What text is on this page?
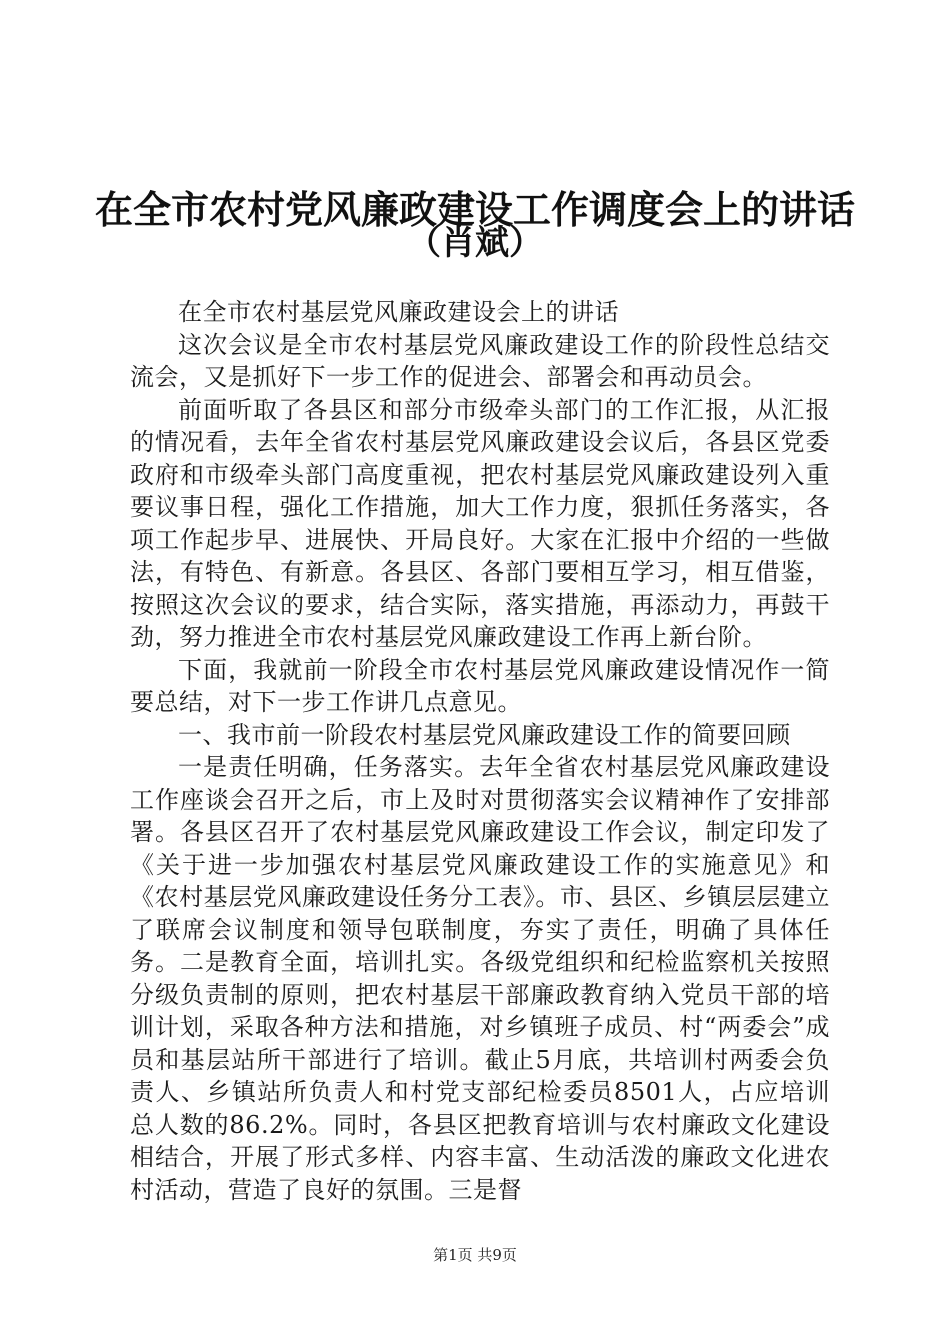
在全市农村党风廉政建设工作调度会上的讲话
（肖斌）

在全市农村基层党风廉政建设会上的讲话

这次会议是全市农村基层党风廉政建设工作的阶段性总结交流会，又是抓好下一步工作的促进会、部署会和再动员会。

前面听取了各县区和部分市级牵头部门的工作汇报，从汇报的情况看，去年全省农村基层党风廉政建设会议后，各县区党委政府和市级牵头部门高度重视，把农村基层党风廉政建设列入重要议事日程，强化工作措施，加大工作力度，狠抓任务落实，各项工作起步早、进展快、开局良好。大家在汇报中介绍的一些做法，有特色、有新意。各县区、各部门要相互学习，相互借鉴，按照这次会议的要求，结合实际，落实措施，再添动力，再鼓干劲，努力推进全市农村基层党风廉政建设工作再上新台阶。

下面，我就前一阶段全市农村基层党风廉政建设情况作一简要总结，对下一步工作讲几点意见。

一、我市前一阶段农村基层党风廉政建设工作的简要回顾

一是责任明确，任务落实。去年全省农村基层党风廉政建设工作座谈会召开之后，市上及时对贯彻落实会议精神作了安排部署。各县区召开了农村基层党风廉政建设工作会议，制定印发了《关于进一步加强农村基层党风廉政建设工作的实施意见》和《农村基层党风廉政建设任务分工表》。市、县区、乡镇层层建立了联席会议制度和领导包联制度，夯实了责任，明确了具体任务。二是教育全面，培训扎实。各级党组织和纪检监察机关按照分级负责制的原则，把农村基层干部廉政教育纳入党员干部的培训计划，采取各种方法和措施，对乡镇班子成员、村“两委会”成员和基层站所干部进行了培训。截止5月底，共培训村两委会负责人、乡镇站所负责人和村党支部纪检委员8501人，占应培训总人数的86.2%。同时，各县区把教育培训与农村廉政文化建设相结合，开展了形式多样、内容丰富、生动活泼的廉政文化进农村活动，营造了良好的氛围。三是督

第1页 共9页
